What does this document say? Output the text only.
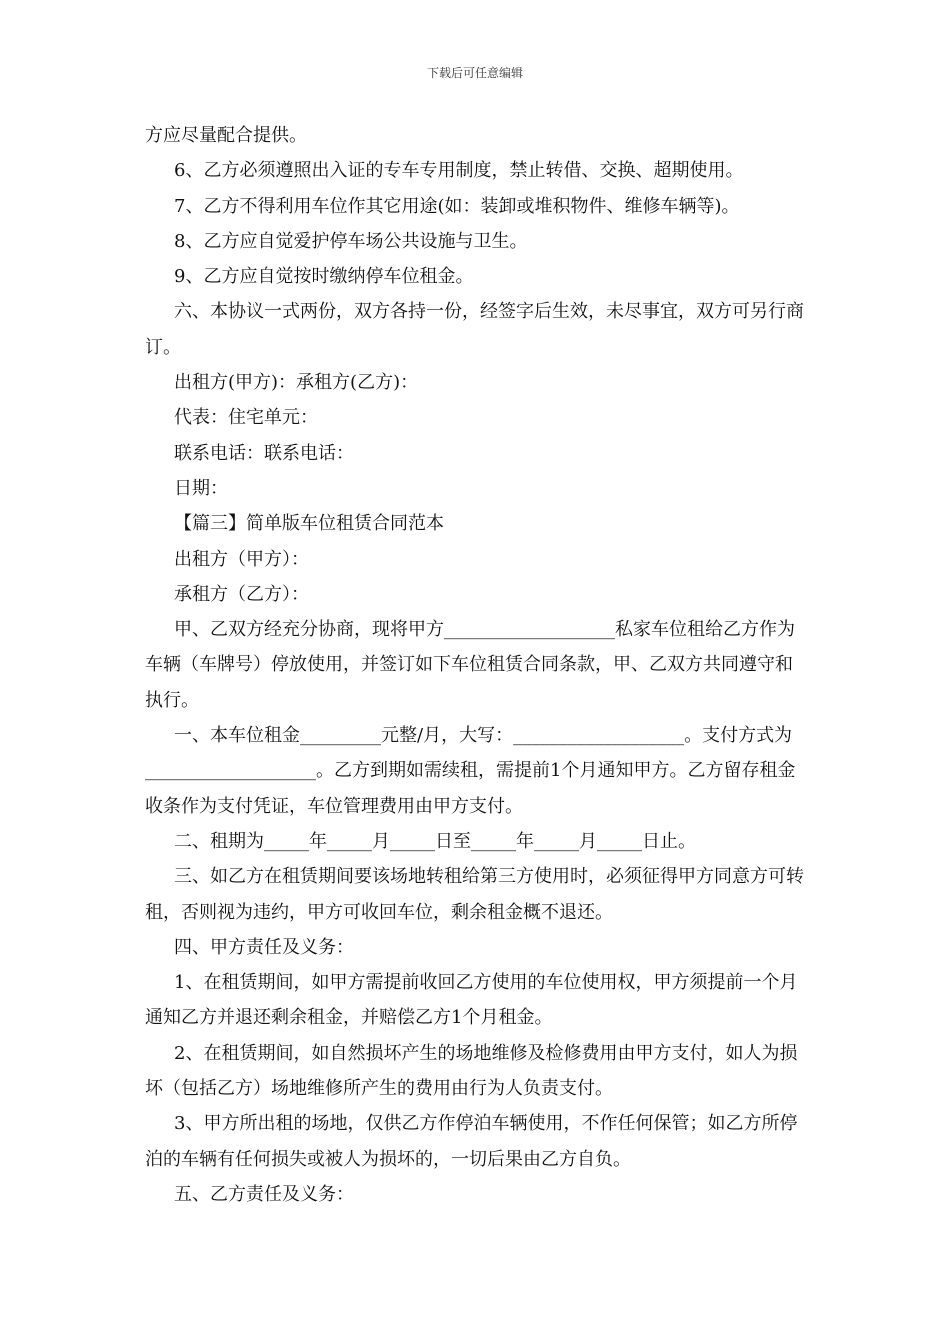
下载后可任意编辑

方应尽量配合提供。

6、乙方必须遵照出入证的专车专用制度，禁止转借、交换、超期使用。

7、乙方不得利用车位作其它用途(如：装卸或堆积物件、维修车辆等)。

8、乙方应自觉爱护停车场公共设施与卫生。

9、乙方应自觉按时缴纳停车位租金。

六、本协议一式两份，双方各持一份，经签字后生效，未尽事宜，双方可另行商订。

出租方(甲方)：承租方(乙方)：

代表：住宅单元：

联系电话：联系电话：

日期：

【篇三】简单版车位租赁合同范本

出租方（甲方）：

承租方（乙方）：

甲、乙双方经充分协商，现将甲方___________________私家车位租给乙方作为车辆（车牌号）停放使用，并签订如下车位租赁合同条款，甲、乙双方共同遵守和执行。

一、本车位租金_________元整/月，大写：___________________。支付方式为___________________。乙方到期如需续租，需提前1个月通知甲方。乙方留存租金收条作为支付凭证，车位管理费用由甲方支付。

二、租期为_____年_____月_____日至_____年_____月_____日止。

三、如乙方在租赁期间要该场地转租给第三方使用时，必须征得甲方同意方可转租，否则视为违约，甲方可收回车位，剩余租金概不退还。

四、甲方责任及义务：

1、在租赁期间，如甲方需提前收回乙方使用的车位使用权，甲方须提前一个月通知乙方并退还剩余租金，并赔偿乙方1个月租金。

2、在租赁期间，如自然损坏产生的场地维修及检修费用由甲方支付，如人为损坏（包括乙方）场地维修所产生的费用由行为人负责支付。

3、甲方所出租的场地，仅供乙方作停泊车辆使用，不作任何保管；如乙方所停泊的车辆有任何损失或被人为损坏的，一切后果由乙方自负。

五、乙方责任及义务：
